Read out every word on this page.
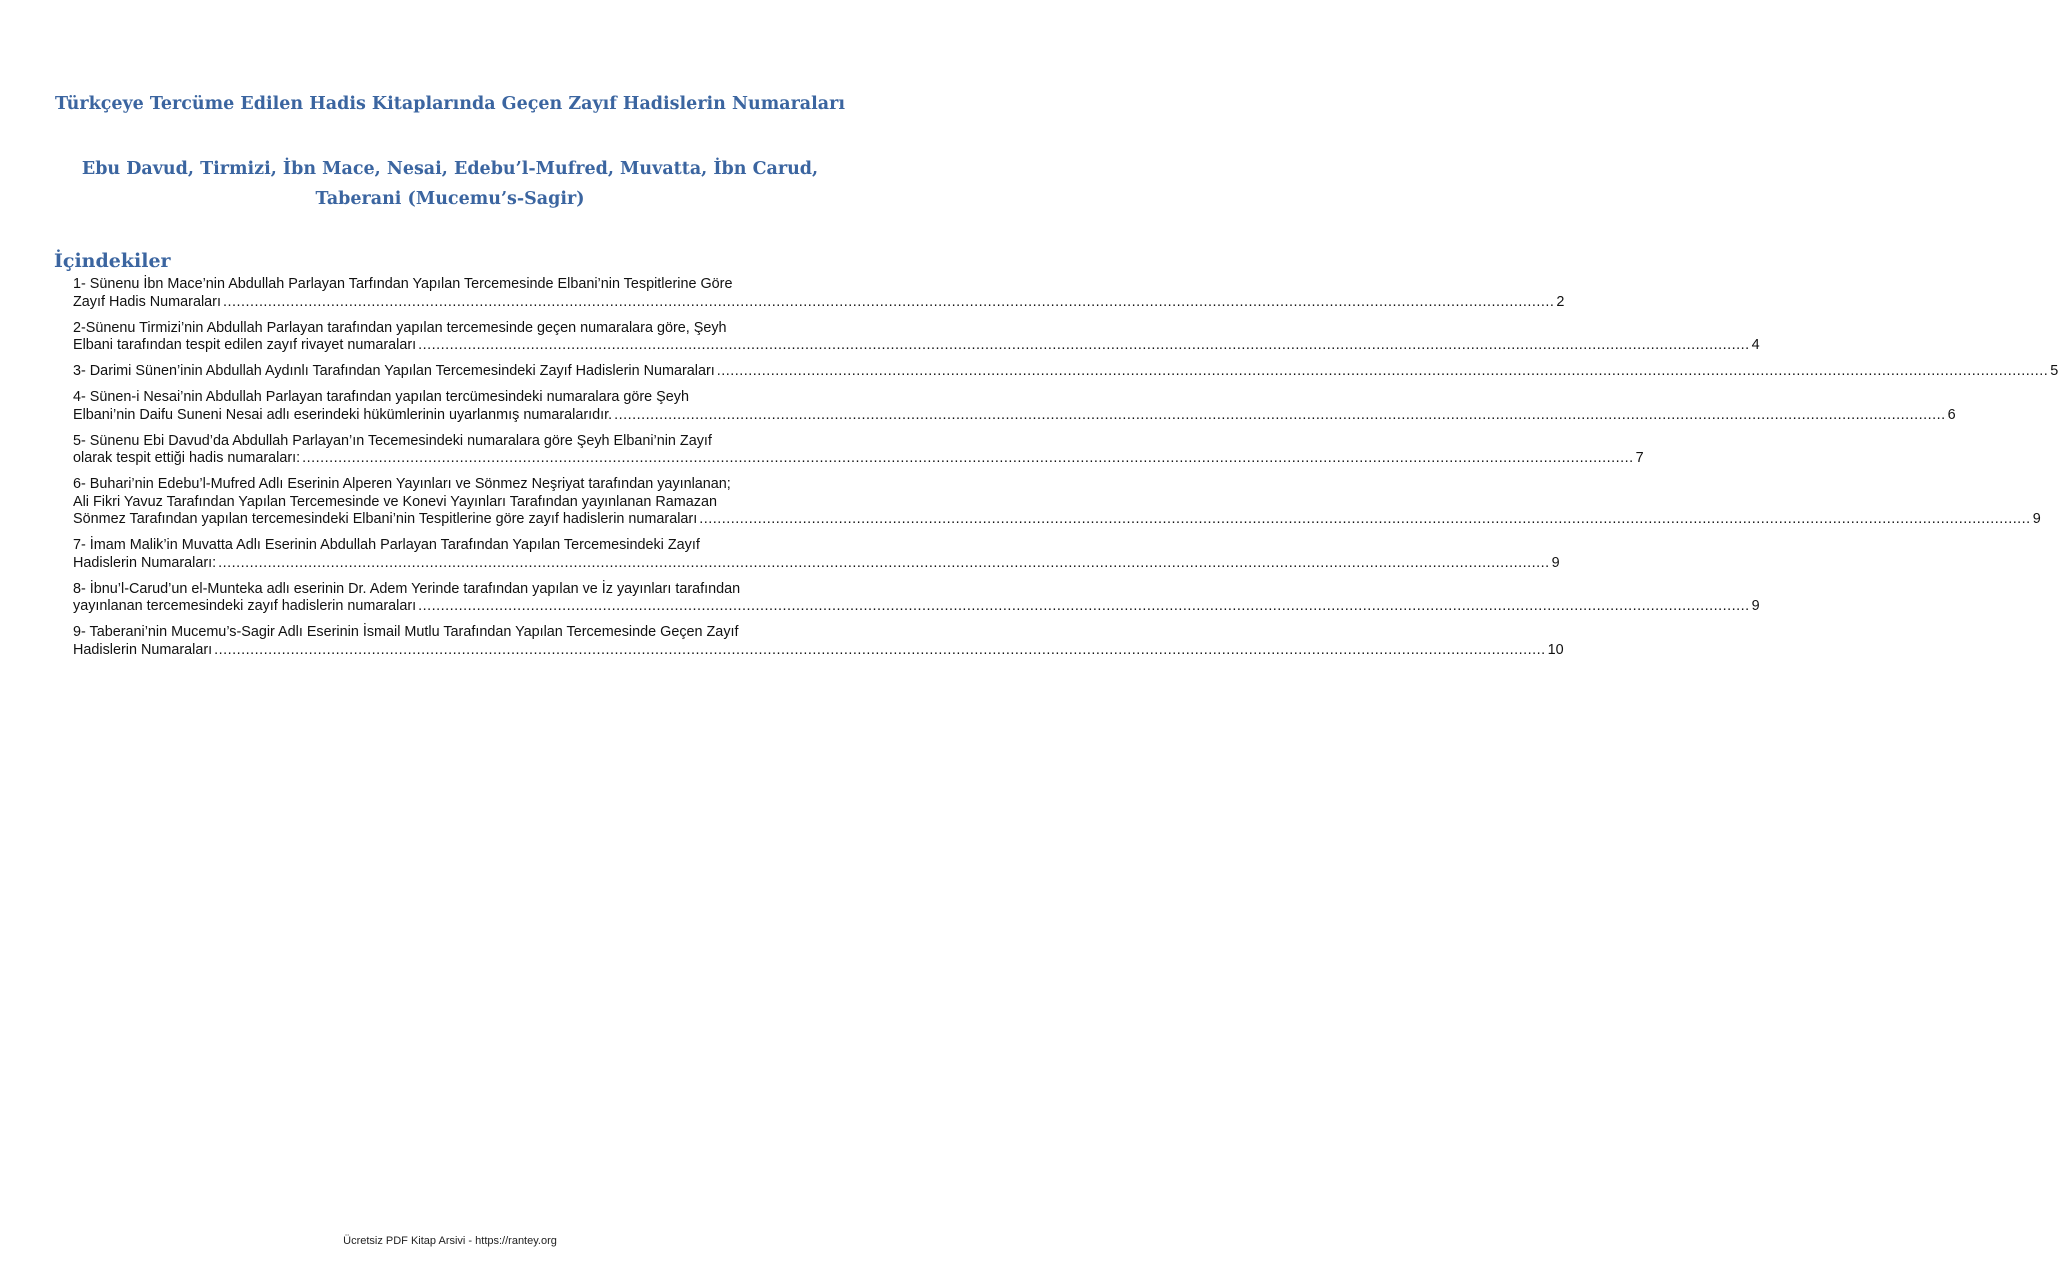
Türkçeye Tercüme Edilen Hadis Kitaplarında Geçen Zayıf Hadislerin Numaraları
Ebu Davud, Tirmizi, İbn Mace, Nesai, Edebu’l-Mufred, Muvatta, İbn Carud,
Taberani (Mucemu’s-Sagir)
İçindekiler
1- Sünenu İbn Mace’nin Abdullah Parlayan Tarfından Yapılan Tercemesinde Elbani’nin Tespitlerine Göre
Zayıf Hadis Numaraları .....	2
2-Sünenu Tirmizi’nin Abdullah Parlayan tarafından yapılan tercemesinde geçen numaralara göre, Şeyh
Elbani tarafından tespit edilen zayıf rivayet numaraları .....	4
3- Darimi Sünen’inin Abdullah Aydınlı Tarafından Yapılan Tercemesindeki Zayıf Hadislerin Numaraları .....	5
4- Sünen-i Nesai’nin Abdullah Parlayan tarafından yapılan tercümesindeki numaralara göre Şeyh
Elbani’nin Daifu Suneni Nesai adlı eserindeki hükümlerinin uyarlanmış numaralarıdır. .....	6
5- Sünenu Ebi Davud’da Abdullah Parlayan’ın Tecemesindeki numaralara göre Şeyh Elbani’nin Zayıf
olarak tespit ettiği hadis numaraları: .....	7
6- Buhari’nin Edebu’l-Mufred Adlı Eserinin Alperen Yayınları ve Sönmez Neşriyat tarafından yayınlanan;
Ali Fikri Yavuz Tarafından Yapılan Tercemesinde ve Konevi Yayınları Tarafından yayınlanan Ramazan
Sönmez Tarafından yapılan tercemesindeki Elbani’nin Tespitlerine göre zayıf hadislerin numaraları .....	9
7- İmam Malik’in Muvatta Adlı Eserinin Abdullah Parlayan Tarafından Yapılan Tercemesindeki Zayıf
Hadislerin Numaraları: .....	9
8- İbnu’l-Carud’un el-Munteka adlı eserinin Dr. Adem Yerinde tarafından yapılan ve İz yayınları tarafından
yayınlanan tercemesindeki zayıf hadislerin numaraları .....	9
9- Taberani’nin Mucemu’s-Sagir Adlı Eserinin İsmail Mutlu Tarafından Yapılan Tercemesinde Geçen Zayıf
Hadislerin Numaraları .....	10
Ücretsiz PDF Kitap Arsivi - https://rantey.org
